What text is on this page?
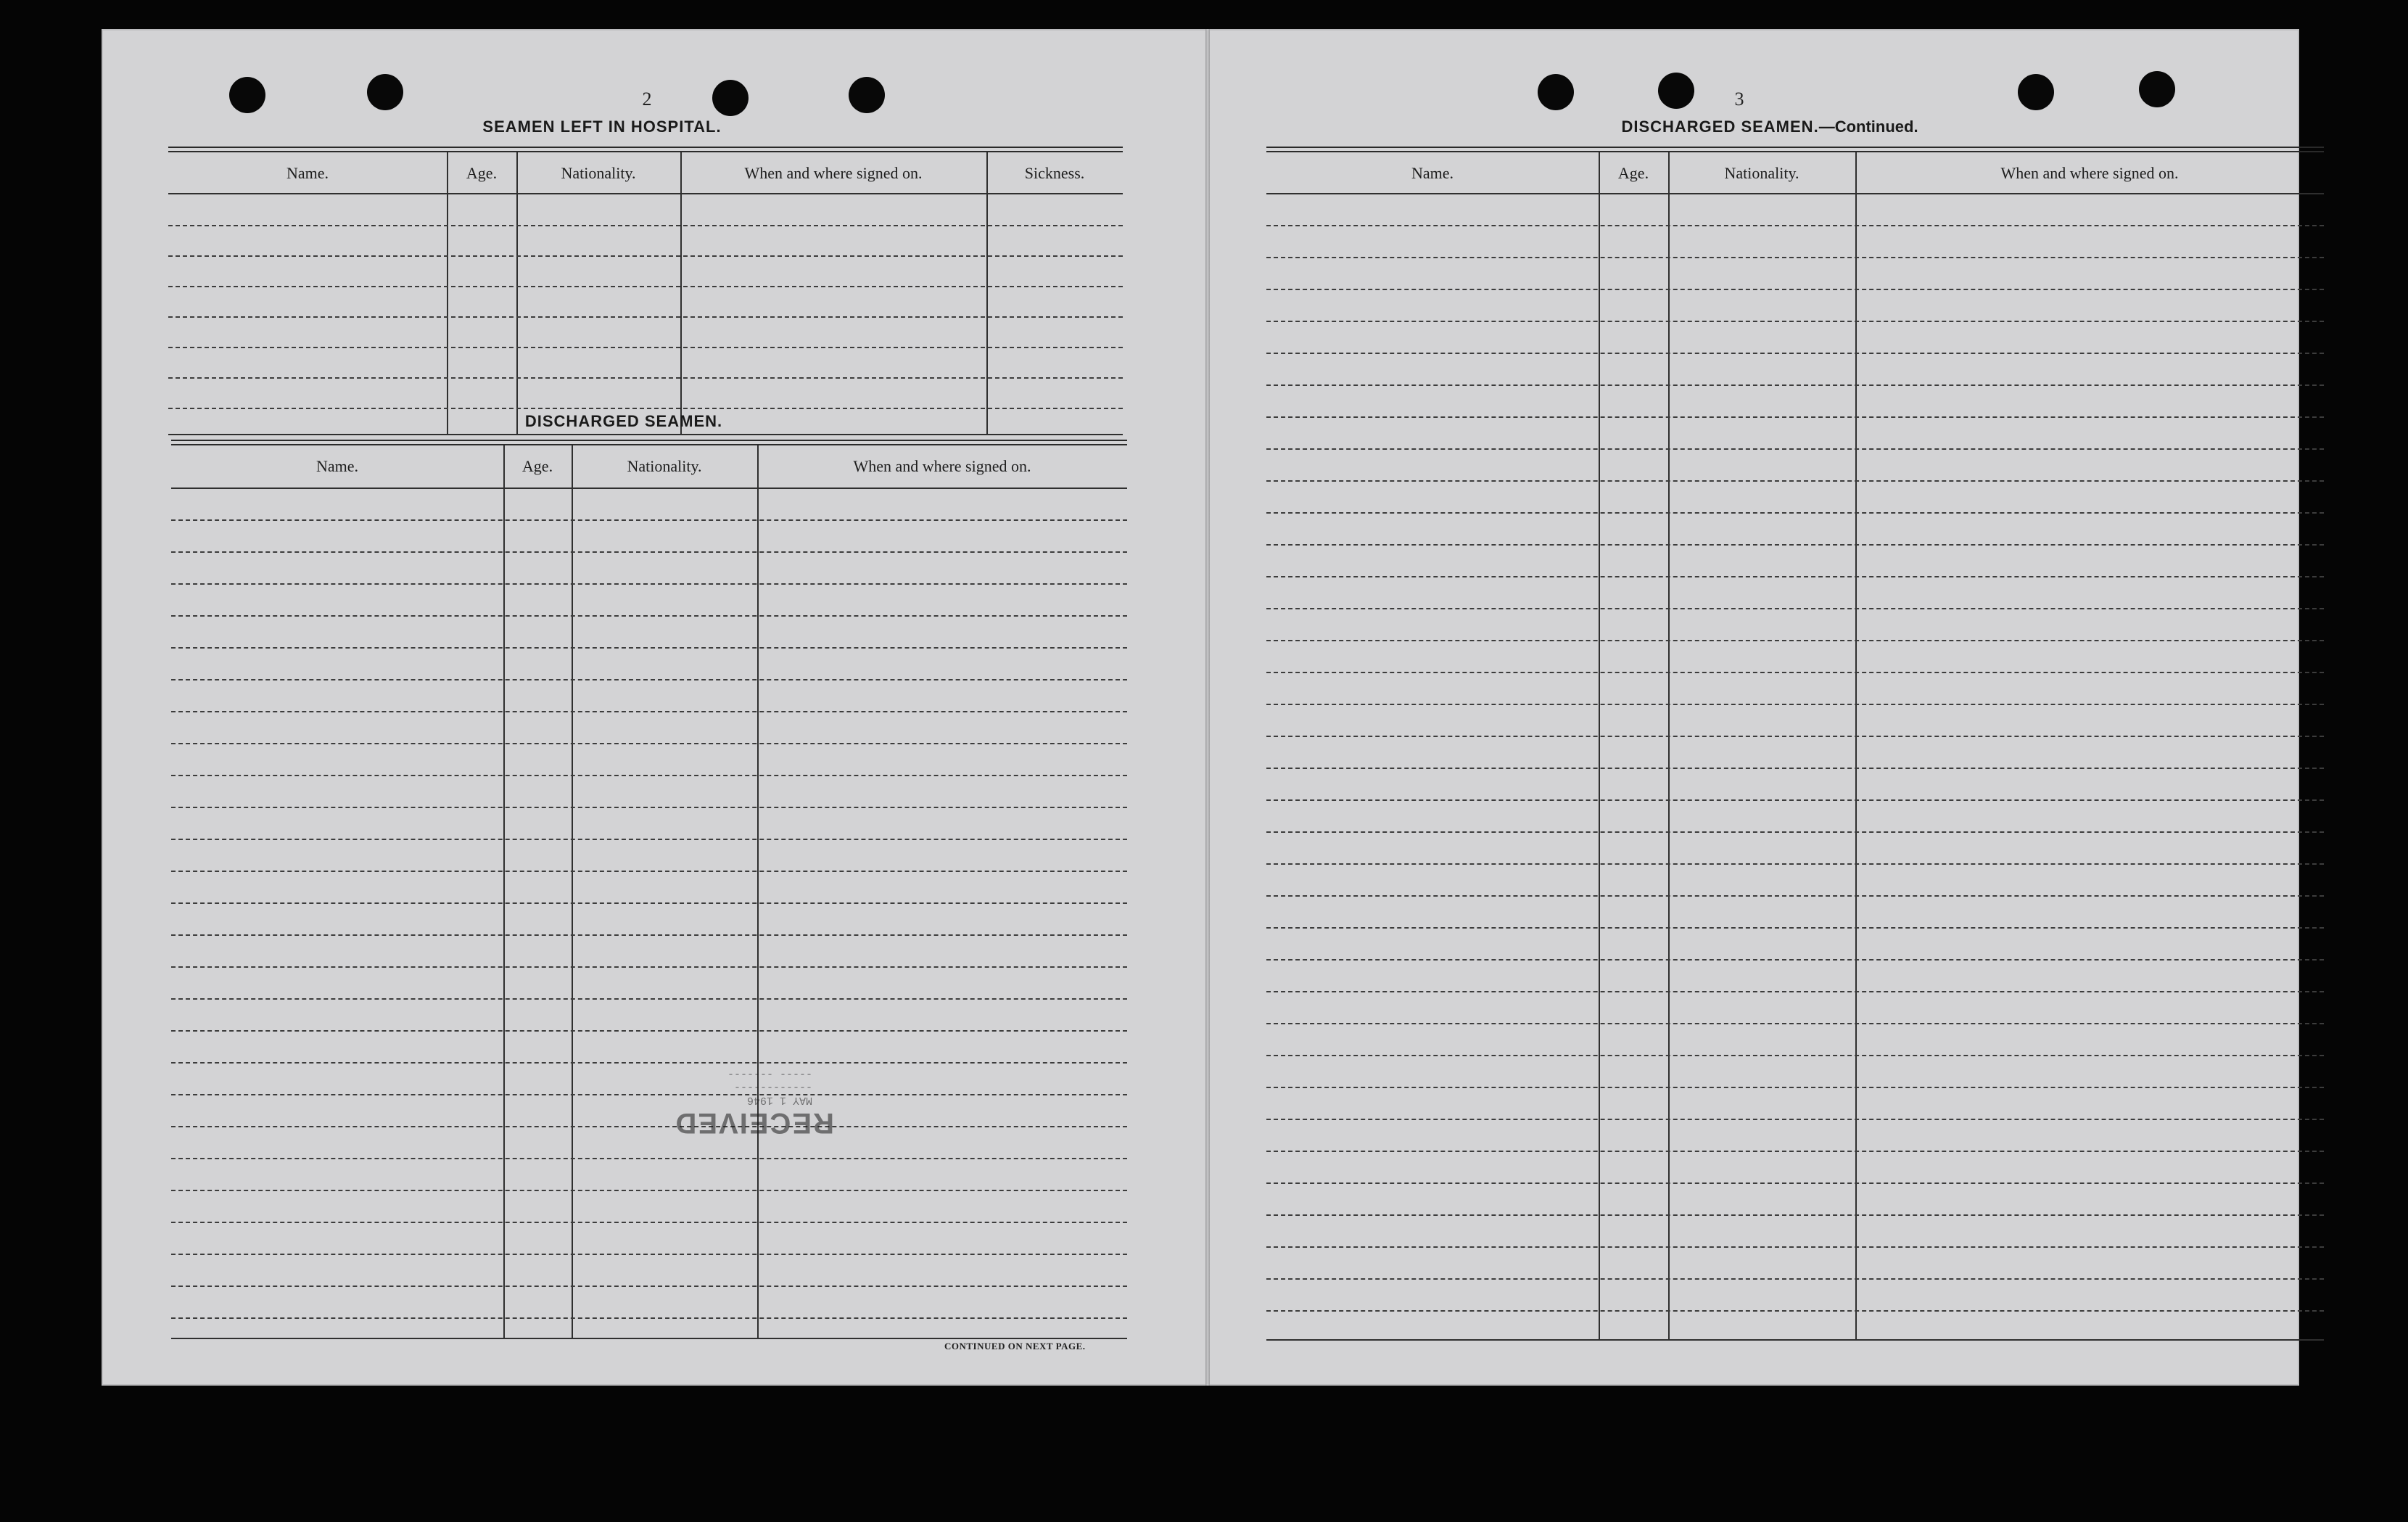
2
SEAMEN LEFT IN HOSPITAL.
Name.	Age.	Nationality.	When and where signed on.	Sickness.
DISCHARGED SEAMEN.
Name.	Age.	Nationality.	When and where signed on.
CONTINUED ON NEXT PAGE.
RECEIVED
MAY 1 1946
------------
----- -------
3
DISCHARGED SEAMEN.—Continued.
Name.	Age.	Nationality.	When and where signed on.
